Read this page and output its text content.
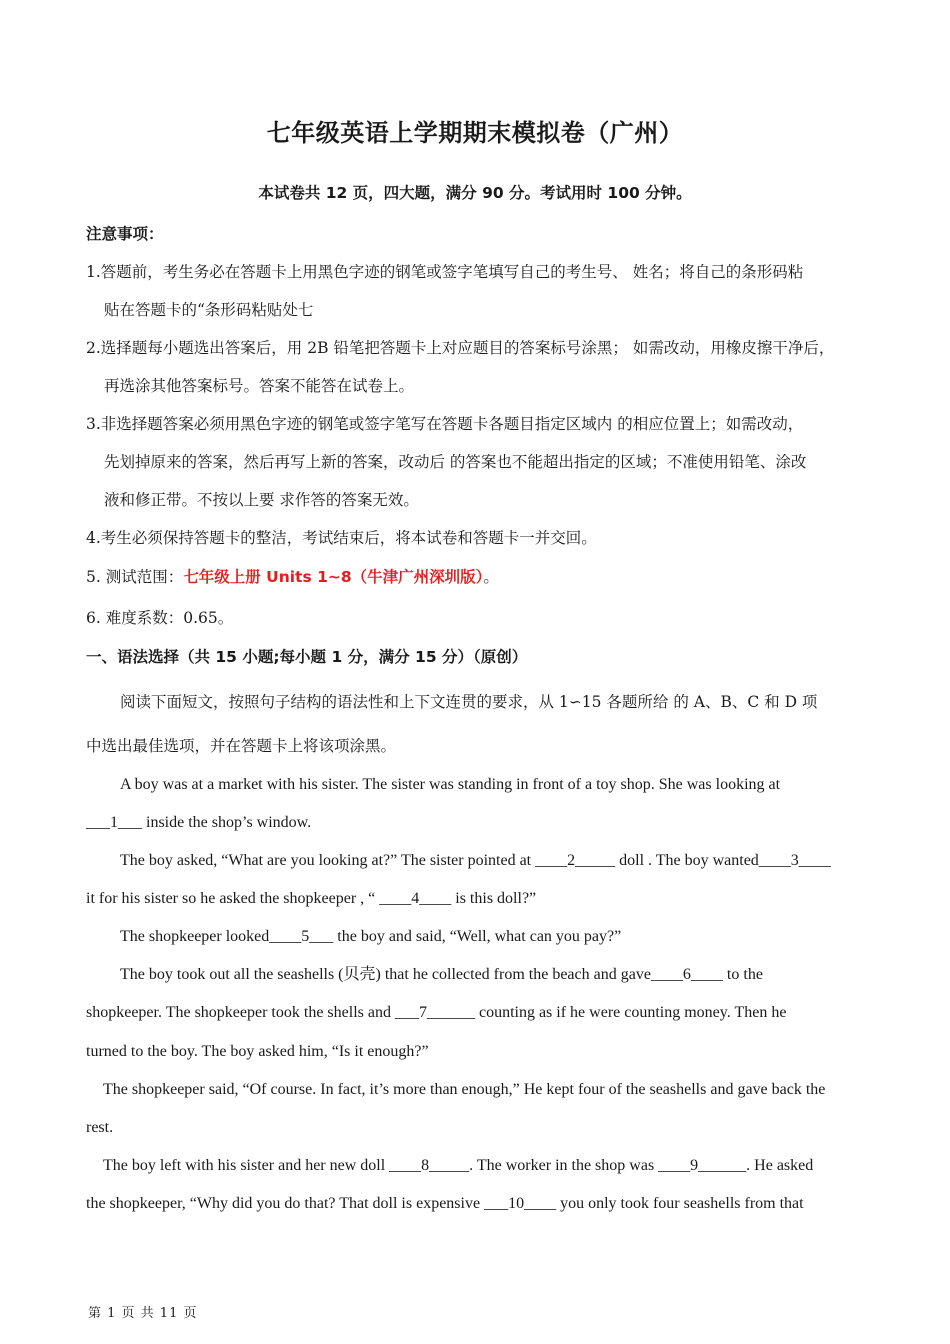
七年级英语上学期期末模拟卷（广州）
本试卷共 12 页，四大题，满分 90 分。考试用时 100 分钟。
注意事项：
1.答题前，考生务必在答题卡上用黑色字迹的钢笔或签字笔填写自己的考生号、 姓名；将自己的条形码粘
贴在答题卡的“条形码粘贴处七
2.选择题每小题选出答案后，用 2B 铅笔把答题卡上对应题目的答案标号涂黑； 如需改动，用橡皮擦干净后，
再选涂其他答案标号。答案不能答在试卷上。
3.非选择题答案必须用黑色字迹的钢笔或签字笔写在答题卡各题目指定区域内 的相应位置上；如需改动，
先划掉原来的答案，然后再写上新的答案，改动后 的答案也不能超出指定的区域；不准使用铅笔、涂改
液和修正带。不按以上要 求作答的答案无效。
4.考生必须保持答题卡的整洁，考试结束后，将本试卷和答题卡一并交回。
5. 测试范围：七年级上册 Units 1~8（牛津广州深圳版）。
6. 难度系数：0.65。
一、语法选择（共 15 小题;每小题 1 分，满分 15 分）（原创）
阅读下面短文，按照句子结构的语法性和上下文连贯的要求，从 1∽15 各题所给 的 A、B、C 和 D 项
中选出最佳选项，并在答题卡上将该项涂黑。
A boy was at a market with his sister. The sister was standing in front of a toy shop. She was looking at
___1___ inside the shop’s window.
The boy asked, “What are you looking at?” The sister pointed at ____2_____ doll . The boy wanted____3____
it for his sister so he asked the shopkeeper , “ ____4____ is this doll?”
The shopkeeper looked____5___ the boy and said, “Well, what can you pay?”
The boy took out all the seashells (贝壳) that he collected from the beach and gave____6____ to the
shopkeeper. The shopkeeper took the shells and ___7______ counting as if he were counting money. Then he
turned to the boy. The boy asked him, “Is it enough?”
The shopkeeper said, “Of course. In fact, it’s more than enough,” He kept four of the seashells and gave back the
rest.
The boy left with his sister and her new doll ____8_____. The worker in the shop was ____9______. He asked
the shopkeeper, “Why did you do that? That doll is expensive ___10____ you only took four seashells from that
第 1 页 共 11 页
